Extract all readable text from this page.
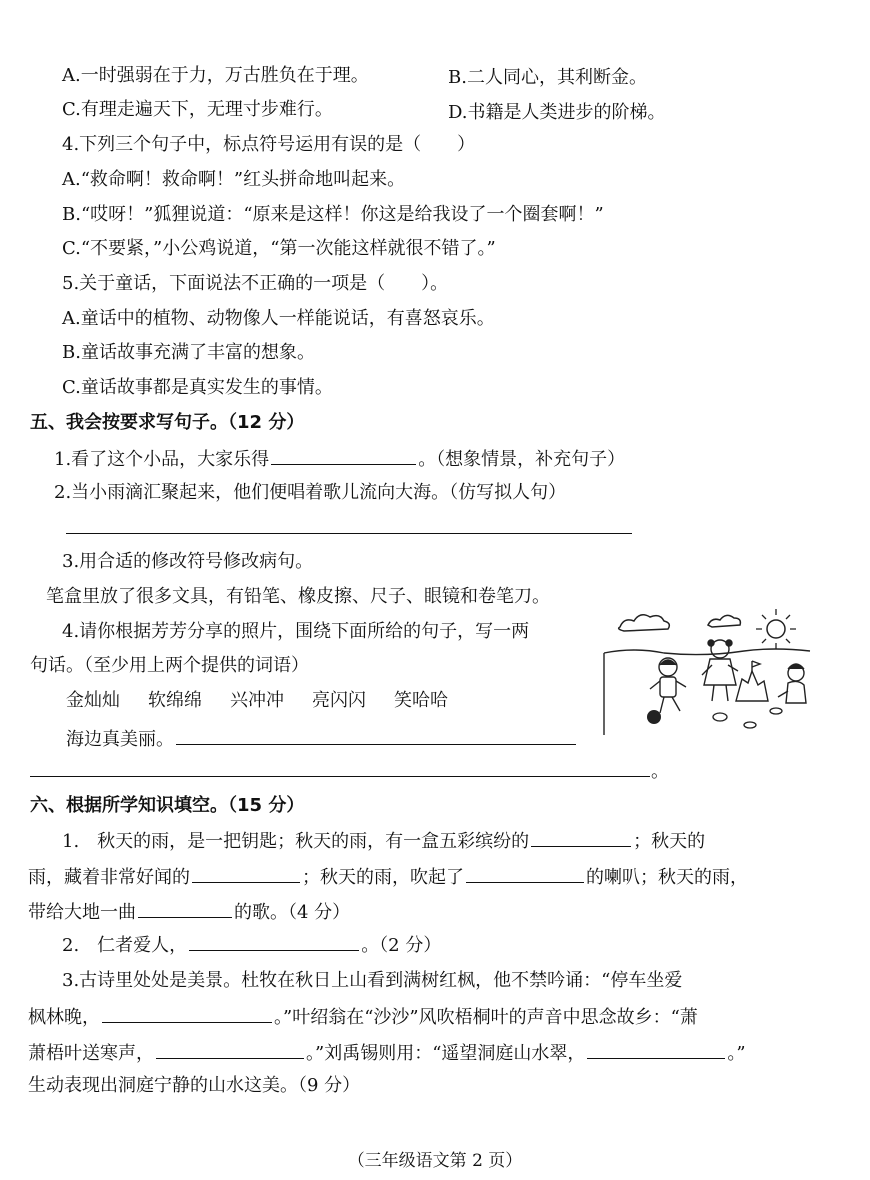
A.一时强弱在于力，万古胜负在于理。	B.二人同心，其利断金。
C.有理走遍天下，无理寸步难行。	D.书籍是人类进步的阶梯。
4.下列三个句子中，标点符号运用有误的是（　　）
A.“救命啊！救命啊！”红头拼命地叫起来。
B.“哎呀！”狐狸说道：“原来是这样！你这是给我设了一个圈套啊！”
C.“不要紧，”小公鸡说道，“第一次能这样就很不错了。”
5.关于童话，下面说法不正确的一项是（　　）。
A.童话中的植物、动物像人一样能说话，有喜怒哀乐。
B.童话故事充满了丰富的想象。
C.童话故事都是真实发生的事情。
五、我会按要求写句子。（12 分）
1.看了这个小品，大家乐得	。（想象情景，补充句子）
2.当小雨滴汇聚起来，他们便唱着歌儿流向大海。（仿写拟人句）
3.用合适的修改符号修改病句。
笔盒里放了很多文具，有铅笔、橡皮擦、尺子、眼镜和卷笔刀。
4.请你根据芳芳分享的照片，围绕下面所给的句子，写一两
句话。（至少用上两个提供的词语）
金灿灿 软绵绵 兴冲冲 亮闪闪 笑哈哈
海边真美丽。
。
六、根据所学知识填空。（15 分）
1.　秋天的雨，是一把钥匙；秋天的雨，有一盒五彩缤纷的	；秋天的
雨，藏着非常好闻的	；秋天的雨，吹起了	的喇叭；秋天的雨，
带给大地一曲	的歌。（4 分）
2.　仁者爱人，	。（2 分）
3.古诗里处处是美景。杜牧在秋日上山看到满树红枫，他不禁吟诵：“停车坐爱
枫林晚，	。”叶绍翁在“沙沙”风吹梧桐叶的声音中思念故乡：“萧
萧梧叶送寒声，	。”刘禹锡则用：“遥望洞庭山水翠，	。”
生动表现出洞庭宁静的山水这美。（9 分）
（三年级语文第 2 页）
